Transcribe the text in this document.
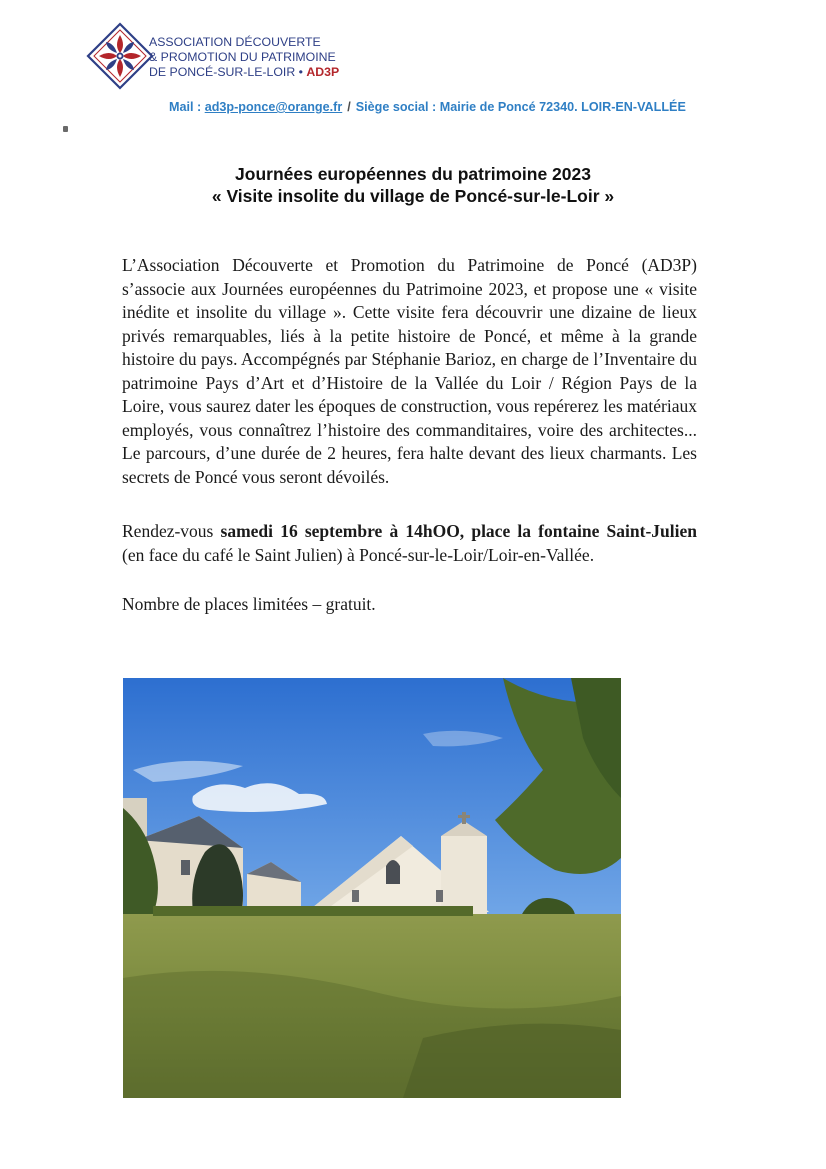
ASSOCIATION DÉCOUVERTE
& PROMOTION DU PATRIMOINE
DE PONCÉ-SUR-LE-LOIR • AD3P
Mail : ad3p-ponce@orange.fr / Siège social : Mairie de Poncé 72340. LOIR-EN-VALLÉE
Journées européennes du patrimoine 2023
« Visite insolite du village de Poncé-sur-le-Loir »
L’Association Découverte et Promotion du Patrimoine de Poncé (AD3P) s’associe aux Journées européennes du Patrimoine 2023, et propose une « visite inédite et insolite du village ». Cette visite fera découvrir une dizaine de lieux privés remarquables, liés à la petite histoire de Poncé, et même à la grande histoire du pays. Accompégnés par Stéphanie Barioz, en charge de l’Inventaire du patrimoine Pays d’Art et d’Histoire de la Vallée du Loir / Région Pays de la Loire, vous saurez dater les époques de construction, vous repérerez les matériaux employés, vous connaîtrez l’histoire des commanditaires, voire des architectes... Le parcours, d’une durée de 2 heures, fera halte devant des lieux charmants. Les secrets de Poncé vous seront dévoilés.
Rendez-vous samedi 16 septembre à 14hOO, place la fontaine Saint-Julien (en face du café le Saint Julien) à Poncé-sur-le-Loir/Loir-en-Vallée.
Nombre de places limitées – gratuit.
